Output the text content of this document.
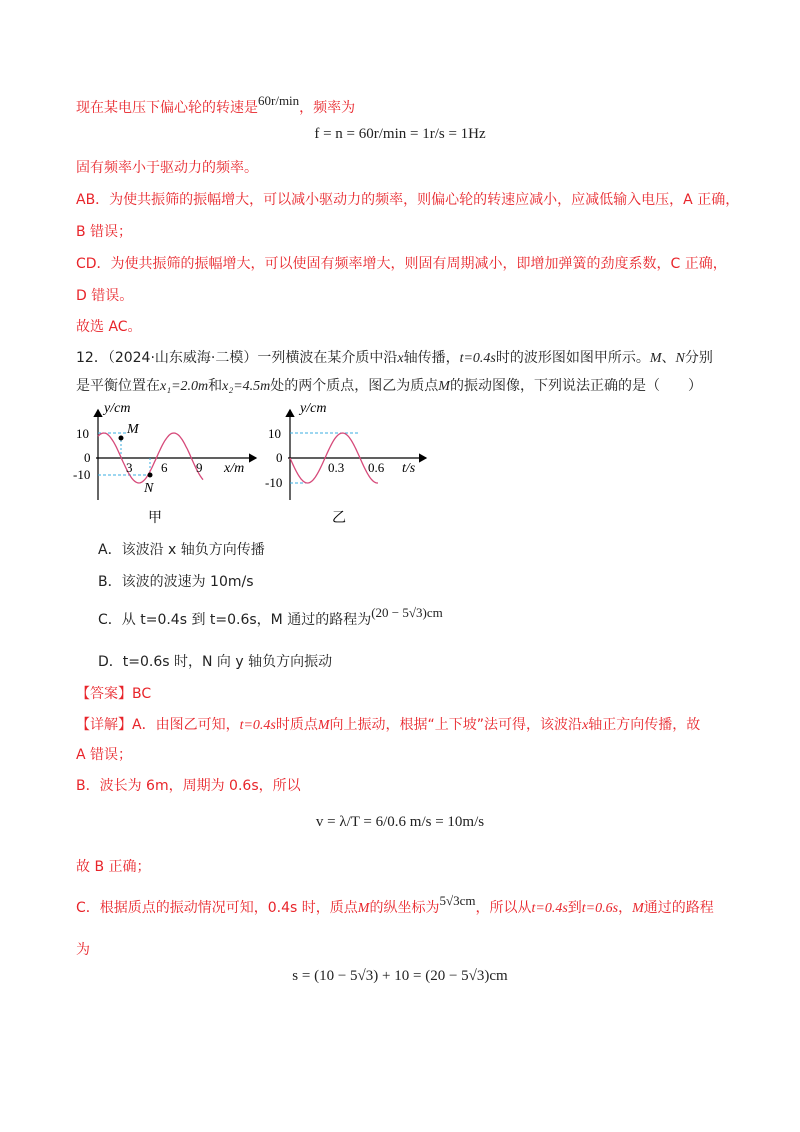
现在某电压下偏心轮的转速是60r/min，频率为
f = n = 60r/min = 1r/s = 1Hz
固有频率小于驱动力的频率。
AB．为使共振筛的振幅增大，可以减小驱动力的频率，则偏心轮的转速应减小，应减低输入电压，A 正确，
B 错误；
CD．为使共振筛的振幅增大，可以使固有频率增大，则固有周期减小，即增加弹簧的劲度系数，C 正确，
D 错误。
故选 AC。
12．（2024·山东威海·二模）一列横波在某介质中沿x轴传播，t=0.4s时的波形图如图甲所示。M、N分别
是平衡位置在x₁=2.0m和x₂=4.5m处的两个质点，图乙为质点M的振动图像，下列说法正确的是（　　）
y/cm
10
0
-10	3 6 9 x/m
M
N
甲
y/cm
10
0
-10
0.3 0.6 t/s
乙
A．该波沿 x 轴负方向传播
B．该波的波速为 10m/s
C．从 t=0.4s 到 t=0.6s，M 通过的路程为(20 − 5√3)cm
D．t=0.6s 时，N 向 y 轴负方向振动
【答案】BC
【详解】A．由图乙可知，t=0.4s时质点M向上振动，根据“上下坡”法可得，该波沿x轴正方向传播，故
A 错误；
B．波长为 6m，周期为 0.6s，所以
v = λ/T = 6/0.6 m/s = 10m/s
故 B 正确；
C．根据质点的振动情况可知，0.4s 时，质点M的纵坐标为5√3cm，所以从t=0.4s到t=0.6s，M通过的路程
为
s = (10 − 5√3) + 10 = (20 − 5√3)cm
